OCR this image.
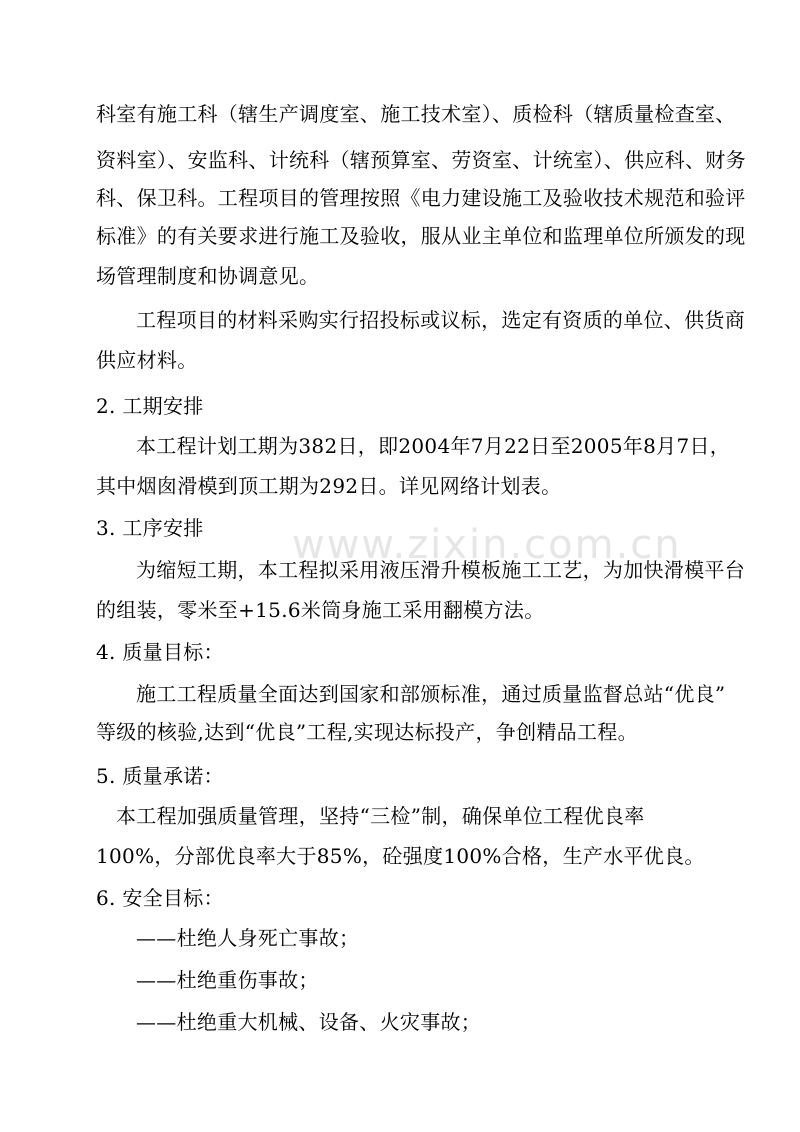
www.zixin.com.cn
科室有施工科（辖生产调度室、施工技术室）、质检科（辖质量检查室、
资料室）、安监科、计统科（辖预算室、劳资室、计统室）、供应科、财务
科、保卫科。工程项目的管理按照《电力建设施工及验收技术规范和验评
标准》的有关要求进行施工及验收，服从业主单位和监理单位所颁发的现
场管理制度和协调意见。
工程项目的材料采购实行招投标或议标，选定有资质的单位、供货商
供应材料。
2. 工期安排
本工程计划工期为382日，即2004年7月22日至2005年8月7日，
其中烟囱滑模到顶工期为292日。详见网络计划表。
3. 工序安排
为缩短工期，本工程拟采用液压滑升模板施工工艺，为加快滑模平台
的组装，零米至+15.6米筒身施工采用翻模方法。
4. 质量目标：
施工工程质量全面达到国家和部颁标准，通过质量监督总站“优良”
等级的核验,达到“优良”工程,实现达标投产，争创精品工程。
5. 质量承诺：
本工程加强质量管理，坚持“三检”制，确保单位工程优良率
100%，分部优良率大于85%，砼强度100%合格，生产水平优良。
6. 安全目标：
——杜绝人身死亡事故；
——杜绝重伤事故；
——杜绝重大机械、设备、火灾事故；
